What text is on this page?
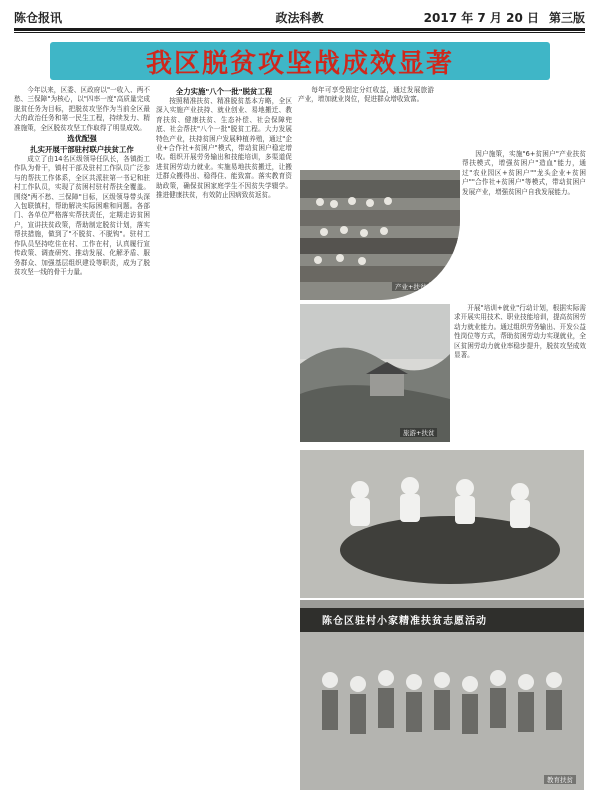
陈仓报讯	政法科教	2017 年 7 月 20 日 第三版
我区脱贫攻坚战成效显著

今年以来，区委、区政府以"一收入、两不愁、三保障"为核心，以"四率一度"高质量完成脱贫任务为目标，把脱贫攻坚作为当前全区最大的政治任务和第一民生工程，持续发力、精准施策，全区脱贫攻坚工作取得了明显成效。

选优配强

扎实开展干部驻村联户扶贫工作

成立了由14名区级领导任队长，各镇街工作队为骨干，镇村干部及驻村工作队员广泛参与的帮扶工作体系，全区共派驻第一书记和驻村工作队员，实现了贫困村驻村帮扶全覆盖。围绕"两不愁、三保障"目标，区级领导带头深入包联镇村，帮助解决实际困难和问题。各部门、各单位严格落实帮扶责任，定期走访贫困户，宣讲扶贫政策，帮助制定脱贫计划，落实帮扶措施，做到了"不脱贫、不脱钩"。驻村工作队员坚持吃住在村、工作在村，认真履行宣传政策、调查研究、推动发展、化解矛盾、服务群众、加强基层组织建设等职责，成为了脱贫攻坚一线的骨干力量。

全力实施"八个一批"脱贫工程

按照精准扶贫、精准脱贫基本方略，全区深入实施产业扶持、就业创业、易地搬迁、教育扶贫、健康扶贫、生态补偿、社会保障兜底、社会帮扶"八个一批"脱贫工程。大力发展特色产业，扶持贫困户发展种植养殖，通过"企业+合作社+贫困户"模式，带动贫困户稳定增收。组织开展劳务输出和技能培训，多渠道促进贫困劳动力就业。实施易地扶贫搬迁，让搬迁群众搬得出、稳得住、能致富。落实教育资助政策，确保贫困家庭学生不因贫失学辍学。推进健康扶贫，有效防止因病致贫返贫。

每年可享受固定分红收益，通过发展旅游产业，增加就业岗位，促进群众增收致富。

产业+扶贫

因户施策，实施"6+贫困户"产业扶贫帮扶模式，增强贫困户"造血"能力，通过"农业园区+贫困户""龙头企业+贫困户""合作社+贫困户"等模式，带动贫困户发展产业，增强贫困户自我发展能力。

旅游+扶贫

开展"培训+就业"行动计划，根据实际需求开展实用技术、职业技能培训，提高贫困劳动力就业能力。通过组织劳务输出、开发公益性岗位等方式，帮助贫困劳动力实现就业，全区贫困劳动力就业率稳步提升，脱贫攻坚成效显著。

陈仓区驻村小家精准扶贫志愿活动
教育扶贫
